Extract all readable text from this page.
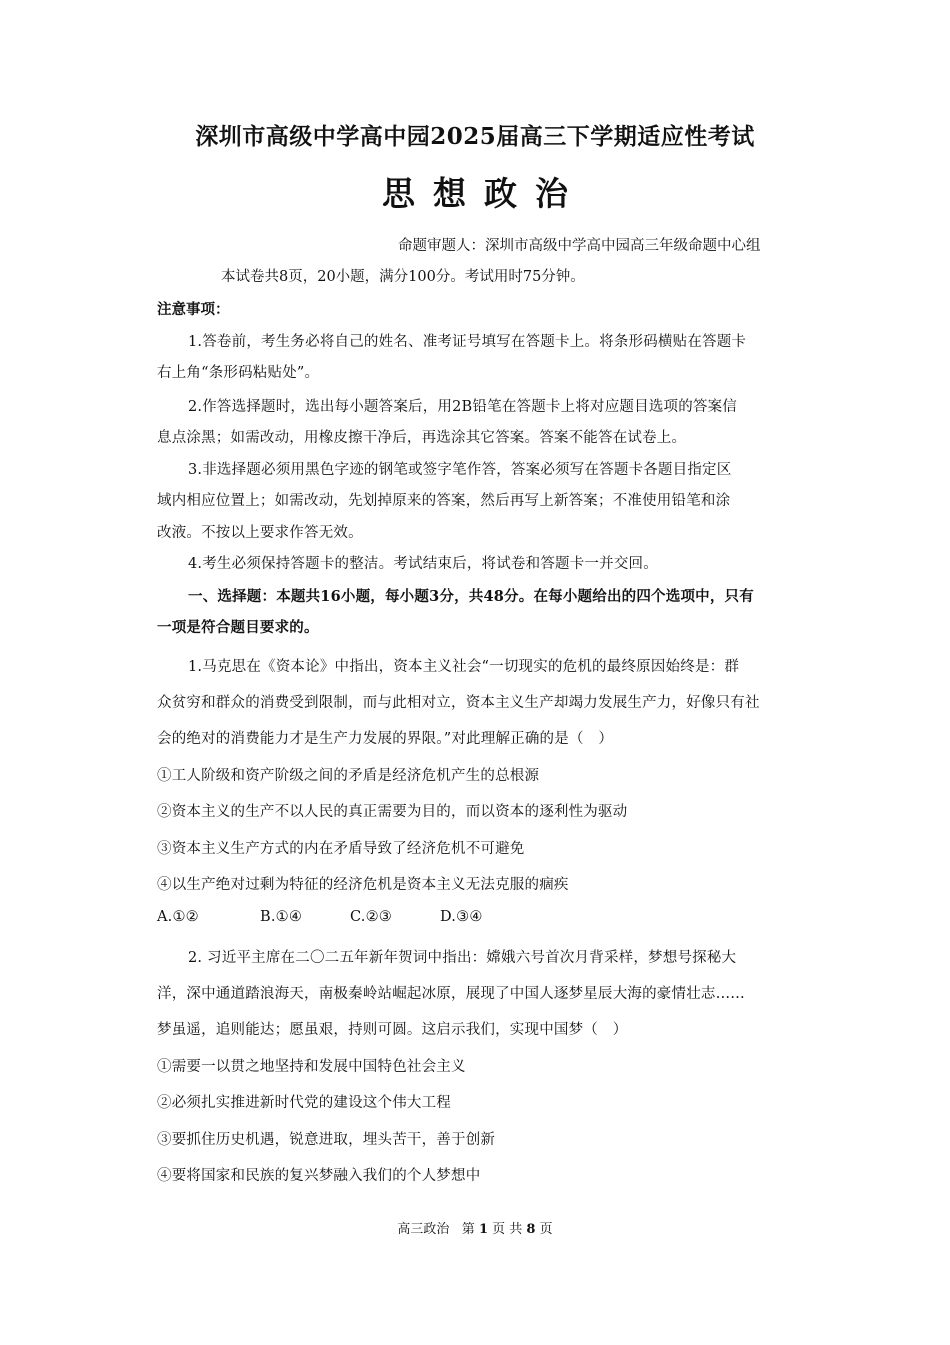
深圳市高级中学高中园2025届高三下学期适应性考试
思想政治
命题审题人：深圳市高级中学高中园高三年级命题中心组
本试卷共8页，20小题，满分100分。考试用时75分钟。
注意事项：
1.答卷前，考生务必将自己的姓名、准考证号填写在答题卡上。将条形码横贴在答题卡
右上角“条形码粘贴处”。
2.作答选择题时，选出每小题答案后，用2B铅笔在答题卡上将对应题目选项的答案信
息点涂黑；如需改动，用橡皮擦干净后，再选涂其它答案。答案不能答在试卷上。
3.非选择题必须用黑色字迹的钢笔或签字笔作答，答案必须写在答题卡各题目指定区
域内相应位置上；如需改动，先划掉原来的答案，然后再写上新答案；不准使用铅笔和涂
改液。不按以上要求作答无效。
4.考生必须保持答题卡的整洁。考试结束后，将试卷和答题卡一并交回。
一、选择题：本题共16小题，每小题3分，共48分。在每小题给出的四个选项中，只有
一项是符合题目要求的。
1.马克思在《资本论》中指出，资本主义社会“一切现实的危机的最终原因始终是：群
众贫穷和群众的消费受到限制，而与此相对立，资本主义生产却竭力发展生产力，好像只有社
会的绝对的消费能力才是生产力发展的界限。”对此理解正确的是（　）
①工人阶级和资产阶级之间的矛盾是经济危机产生的总根源
②资本主义的生产不以人民的真正需要为目的，而以资本的逐利性为驱动
③资本主义生产方式的内在矛盾导致了经济危机不可避免
④以生产绝对过剩为特征的经济危机是资本主义无法克服的痼疾
A.①②	B.①④	C.②③	D.③④
2. 习近平主席在二〇二五年新年贺词中指出：嫦娥六号首次月背采样，梦想号探秘大
洋，深中通道踏浪海天，南极秦岭站崛起冰原，展现了中国人逐梦星辰大海的豪情壮志……
梦虽遥，追则能达；愿虽艰，持则可圆。这启示我们，实现中国梦（　）
①需要一以贯之地坚持和发展中国特色社会主义
②必须扎实推进新时代党的建设这个伟大工程
③要抓住历史机遇，锐意进取，埋头苦干，善于创新
④要将国家和民族的复兴梦融入我们的个人梦想中
高三政治 第 1 页 共 8 页
